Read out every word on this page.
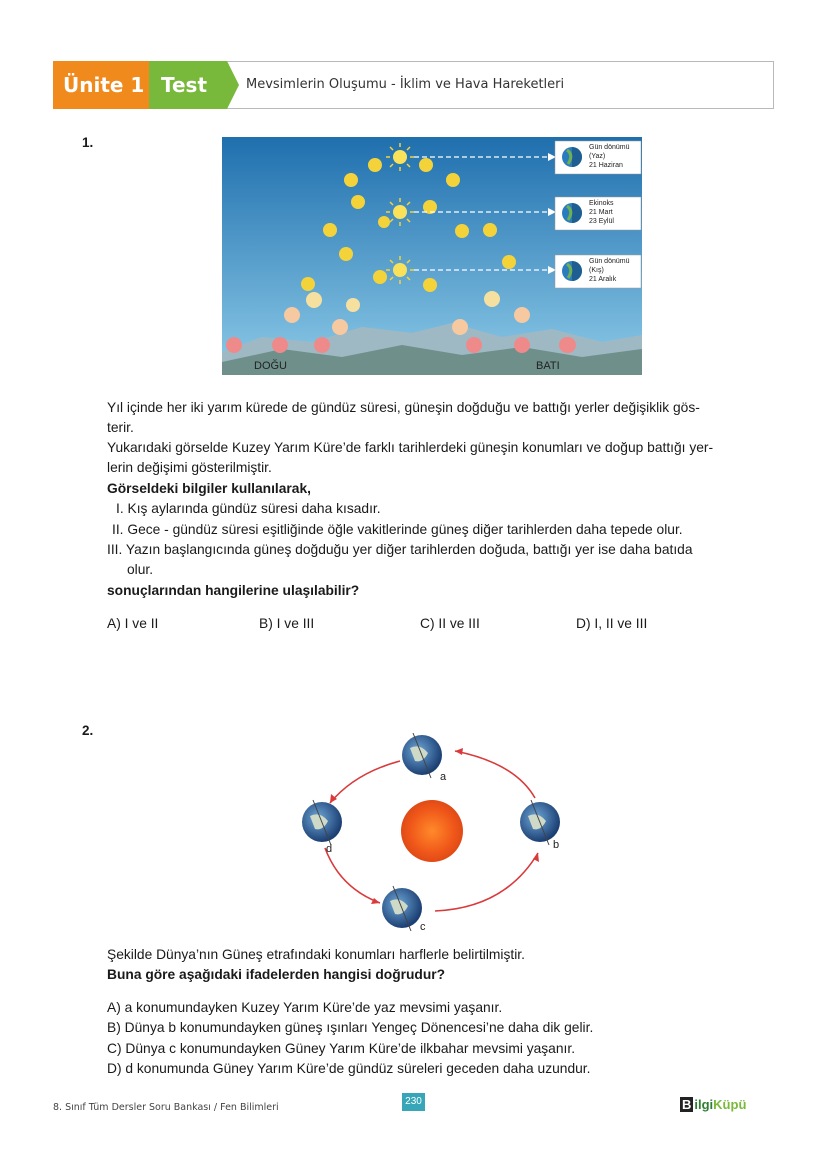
Ünite 1 Test 1
Mevsimlerin Oluşumu - İklim ve Hava Hareketleri
1.	Gün dönümü
(Yaz)
21 Haziran
Ekinoks
21 Mart
23 Eylül
Gün dönümü
(Kış)
21 Aralık
DOĞU	BATI
Yıl içinde her iki yarım kürede de gündüz süresi, güneşin doğduğu ve battığı yerler değişiklik gös-
terir.
Yukarıdaki görselde Kuzey Yarım Küre’de farklı tarihlerdeki güneşin konumları ve doğup battığı yer-
lerin değişimi gösterilmiştir.
Görseldeki bilgiler kullanılarak,
I. Kış aylarında gündüz süresi daha kısadır.
II. Gece - gündüz süresi eşitliğinde öğle vakitlerinde güneş diğer tarihlerden daha tepede olur.
III. Yazın başlangıcında güneş doğduğu yer diğer tarihlerden doğuda, battığı yer ise daha batıda
olur.
sonuçlarından hangilerine ulaşılabilir?
A) I ve II	B) I ve III	C) II ve III	D) I, II ve III
2.
a
b
c
d
Şekilde Dünya’nın Güneş etrafındaki konumları harflerle belirtilmiştir.
Buna göre aşağıdaki ifadelerden hangisi doğrudur?
A) a konumundayken Kuzey Yarım Küre’de yaz mevsimi yaşanır.
B) Dünya b konumundayken güneş ışınları Yengeç Dönencesi’ne daha dik gelir.
C) Dünya c konumundayken Güney Yarım Küre’de ilkbahar mevsimi yaşanır.
D) d konumunda Güney Yarım Küre’de gündüz süreleri geceden daha uzundur.
8. Sınıf Tüm Dersler Soru Bankası / Fen Bilimleri
230	B ilgiKüpü
